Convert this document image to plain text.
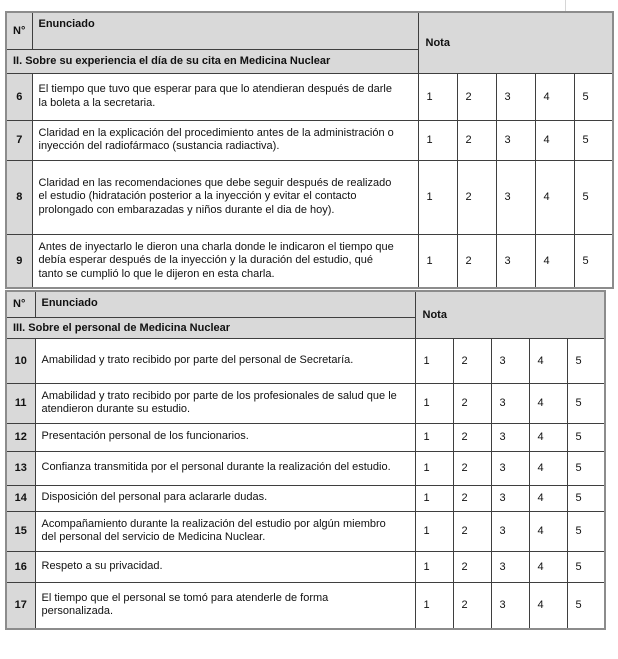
N°	Enunciado	Nota				
II. Sobre su experiencia el día de su cita en Medicina Nuclear						
6	El tiempo que tuvo que esperar para que lo atendieran después de darle la boleta a la secretaria.	1	2	3	4	5
7	Claridad en la explicación del procedimiento antes de la administración o inyección del radiofármaco (sustancia radiactiva).	1	2	3	4	5
8	Claridad en las recomendaciones que debe seguir después de realizado el estudio (hidratación posterior a la inyección y evitar el contacto prolongado con embarazadas y niños durante el dia de hoy).	1	2	3	4	5
9	Antes de inyectarlo le dieron una charla donde le indicaron el tiempo que debía esperar después de la inyección y la duración del estudio, qué tanto se cumplió lo que le dijeron en esta charla.	1	2	3	4	5
N°	Enunciado	Nota				
III. Sobre el personal de Medicina Nuclear						
10	Amabilidad y trato recibido por parte del personal de Secretaría.	1	2	3	4	5
11	Amabilidad y trato recibido por parte de los profesionales de salud que le atendieron durante su estudio.	1	2	3	4	5
12	Presentación personal de los funcionarios.	1	2	3	4	5
13	Confianza transmitida por el personal durante la realización del estudio.	1	2	3	4	5
14	Disposición del personal para aclararle dudas.	1	2	3	4	5
15	Acompañamiento durante la realización del estudio por algún miembro del personal del servicio de Medicina Nuclear.	1	2	3	4	5
16	Respeto a su privacidad.	1	2	3	4	5
17	El tiempo que el personal se tomó para atenderle de forma personalizada.	1	2	3	4	5
